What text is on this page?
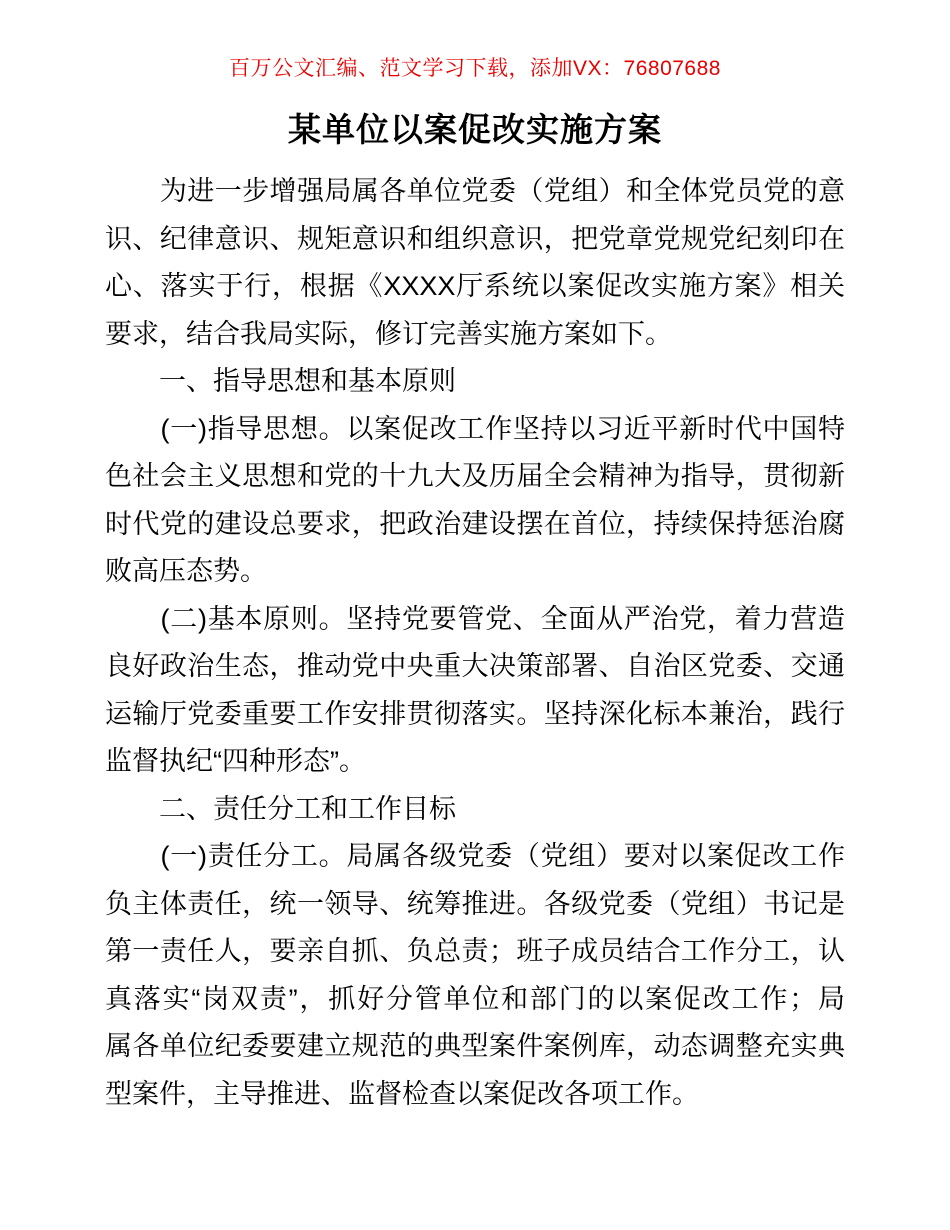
百万公文汇编、范文学习下载，添加VX：76807688
某单位以案促改实施方案
　　为进一步增强局属各单位党委（党组）和全体党员党的意
识、纪律意识、规矩意识和组织意识，把党章党规党纪刻印在
心、落实于行，根据《XXXX厅系统以案促改实施方案》相关
要求，结合我局实际，修订完善实施方案如下。
　　一、指导思想和基本原则
　　(一)指导思想。以案促改工作坚持以习近平新时代中国特
色社会主义思想和党的十九大及历届全会精神为指导，贯彻新
时代党的建设总要求，把政治建设摆在首位，持续保持惩治腐
败高压态势。
　　(二)基本原则。坚持党要管党、全面从严治党，着力营造
良好政治生态，推动党中央重大决策部署、自治区党委、交通
运输厅党委重要工作安排贯彻落实。坚持深化标本兼治，践行
监督执纪“四种形态”。
　　二、责任分工和工作目标
　　(一)责任分工。局属各级党委（党组）要对以案促改工作
负主体责任，统一领导、统筹推进。各级党委（党组）书记是
第一责任人，要亲自抓、负总责；班子成员结合工作分工，认
真落实“岗双责”，抓好分管单位和部门的以案促改工作；局
属各单位纪委要建立规范的典型案件案例库，动态调整充实典
型案件，主导推进、监督检查以案促改各项工作。
